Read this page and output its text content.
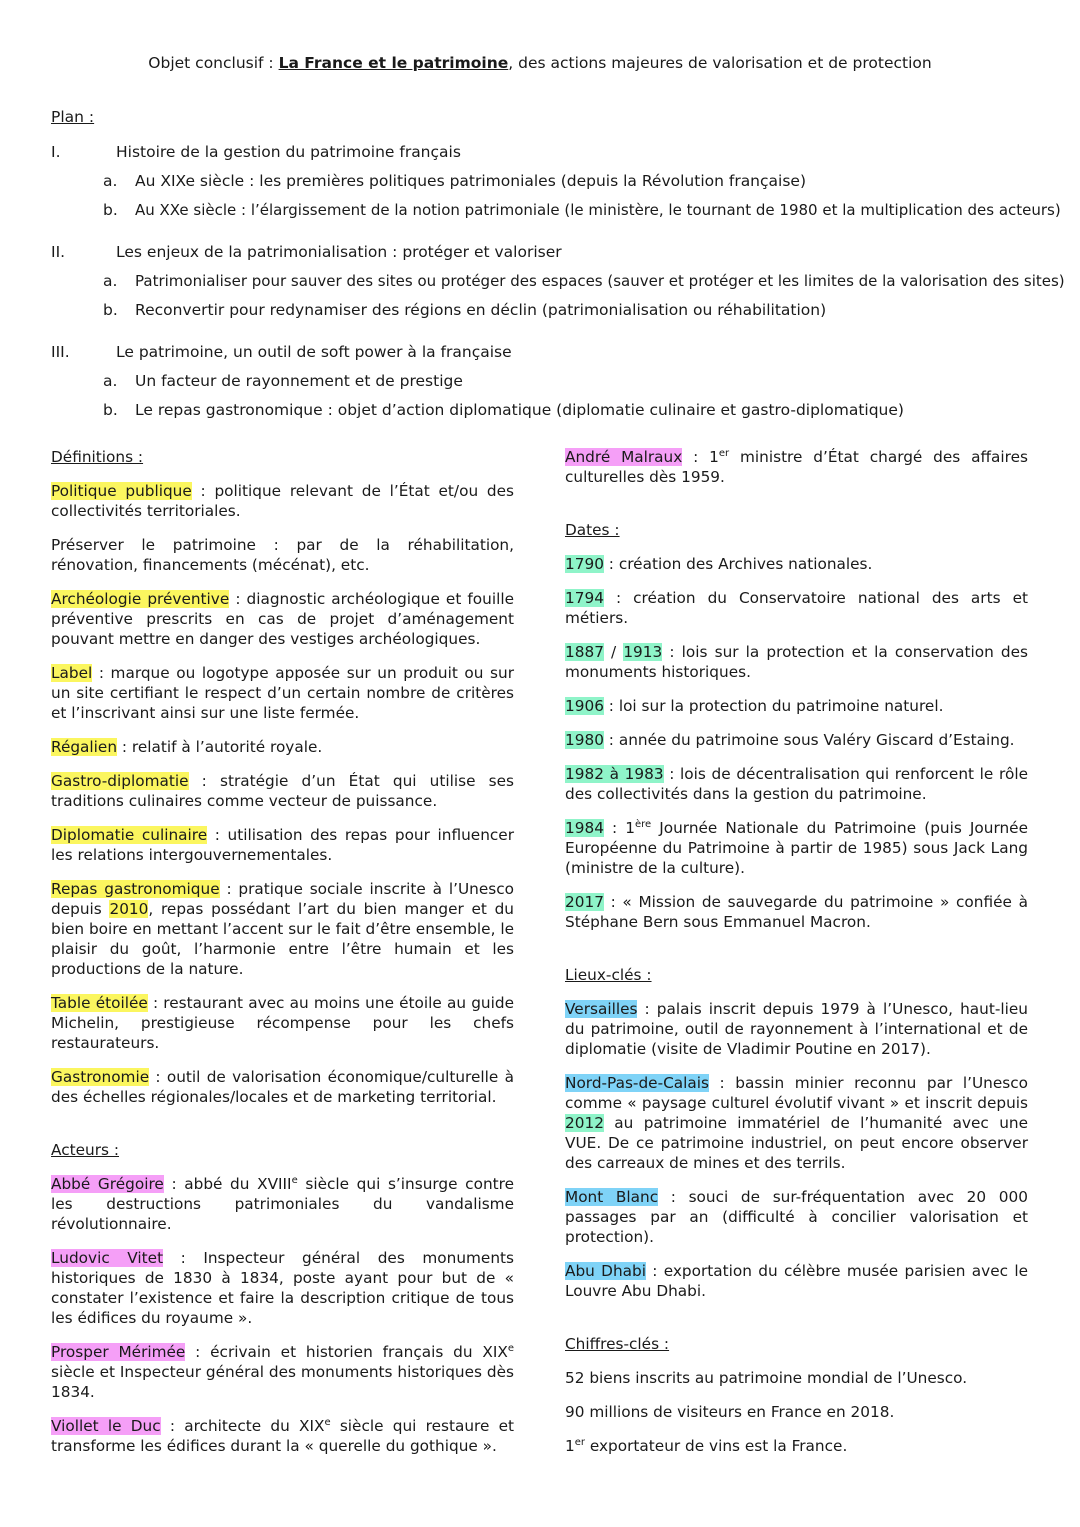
Objet conclusif : La France et le patrimoine, des actions majeures de valorisation et de protection
Plan :
I.	Histoire de la gestion du patrimoine français
a. Au XIXe siècle : les premières politiques patrimoniales (depuis la Révolution française)
b. Au XXe siècle : l’élargissement de la notion patrimoniale (le ministère, le tournant de 1980 et la multiplication des acteurs)
II.	Les enjeux de la patrimonialisation : protéger et valoriser
a. Patrimonialiser pour sauver des sites ou protéger des espaces (sauver et protéger et les limites de la valorisation des sites)
b. Reconvertir pour redynamiser des régions en déclin (patrimonialisation ou réhabilitation)
III.	Le patrimoine, un outil de soft power à la française
a. Un facteur de rayonnement et de prestige
b. Le repas gastronomique : objet d’action diplomatique (diplomatie culinaire et gastro-diplomatique)

Définitions :

Politique publique : politique relevant de l’État et/ou des collectivités territoriales.

Préserver le patrimoine : par de la réhabilitation, rénovation, financements (mécénat), etc.

Archéologie préventive : diagnostic archéologique et fouille préventive prescrits en cas de projet d’aménagement pouvant mettre en danger des vestiges archéologiques.

Label : marque ou logotype apposée sur un produit ou sur un site certifiant le respect d’un certain nombre de critères et l’inscrivant ainsi sur une liste fermée.

Régalien : relatif à l’autorité royale.

Gastro-diplomatie : stratégie d’un État qui utilise ses traditions culinaires comme vecteur de puissance.

Diplomatie culinaire : utilisation des repas pour influencer les relations intergouvernementales.

Repas gastronomique : pratique sociale inscrite à l’Unesco depuis 2010, repas possédant l’art du bien manger et du bien boire en mettant l’accent sur le fait d’être ensemble, le plaisir du goût, l’harmonie entre l’être humain et les productions de la nature.

Table étoilée : restaurant avec au moins une étoile au guide Michelin, prestigieuse récompense pour les chefs restaurateurs.

Gastronomie : outil de valorisation économique/culturelle à des échelles régionales/locales et de marketing territorial.

Acteurs :

Abbé Grégoire : abbé du XVIIIe siècle qui s’insurge contre les destructions patrimoniales du vandalisme révolutionnaire.

Ludovic Vitet : Inspecteur général des monuments historiques de 1830 à 1834, poste ayant pour but de « constater l’existence et faire la description critique de tous les édifices du royaume ».

Prosper Mérimée : écrivain et historien français du XIXe siècle et Inspecteur général des monuments historiques dès 1834.

Viollet le Duc : architecte du XIXe siècle qui restaure et transforme les édifices durant la « querelle du gothique ».

André Malraux : 1er ministre d’État chargé des affaires culturelles dès 1959.

Dates :

1790 : création des Archives nationales.

1794 : création du Conservatoire national des arts et métiers.

1887 / 1913 : lois sur la protection et la conservation des monuments historiques.

1906 : loi sur la protection du patrimoine naturel.

1980 : année du patrimoine sous Valéry Giscard d’Estaing.

1982 à 1983 : lois de décentralisation qui renforcent le rôle des collectivités dans la gestion du patrimoine.

1984 : 1ère Journée Nationale du Patrimoine (puis Journée Européenne du Patrimoine à partir de 1985) sous Jack Lang (ministre de la culture).

2017 : « Mission de sauvegarde du patrimoine » confiée à Stéphane Bern sous Emmanuel Macron.

Lieux-clés :

Versailles : palais inscrit depuis 1979 à l’Unesco, haut-lieu du patrimoine, outil de rayonnement à l’international et de diplomatie (visite de Vladimir Poutine en 2017).

Nord-Pas-de-Calais : bassin minier reconnu par l’Unesco comme « paysage culturel évolutif vivant » et inscrit depuis 2012 au patrimoine immatériel de l’humanité avec une VUE. De ce patrimoine industriel, on peut encore observer des carreaux de mines et des terrils.

Mont Blanc : souci de sur-fréquentation avec 20 000 passages par an (difficulté à concilier valorisation et protection).

Abu Dhabi : exportation du célèbre musée parisien avec le Louvre Abu Dhabi.

Chiffres-clés :

52 biens inscrits au patrimoine mondial de l’Unesco.

90 millions de visiteurs en France en 2018.

1er exportateur de vins est la France.
